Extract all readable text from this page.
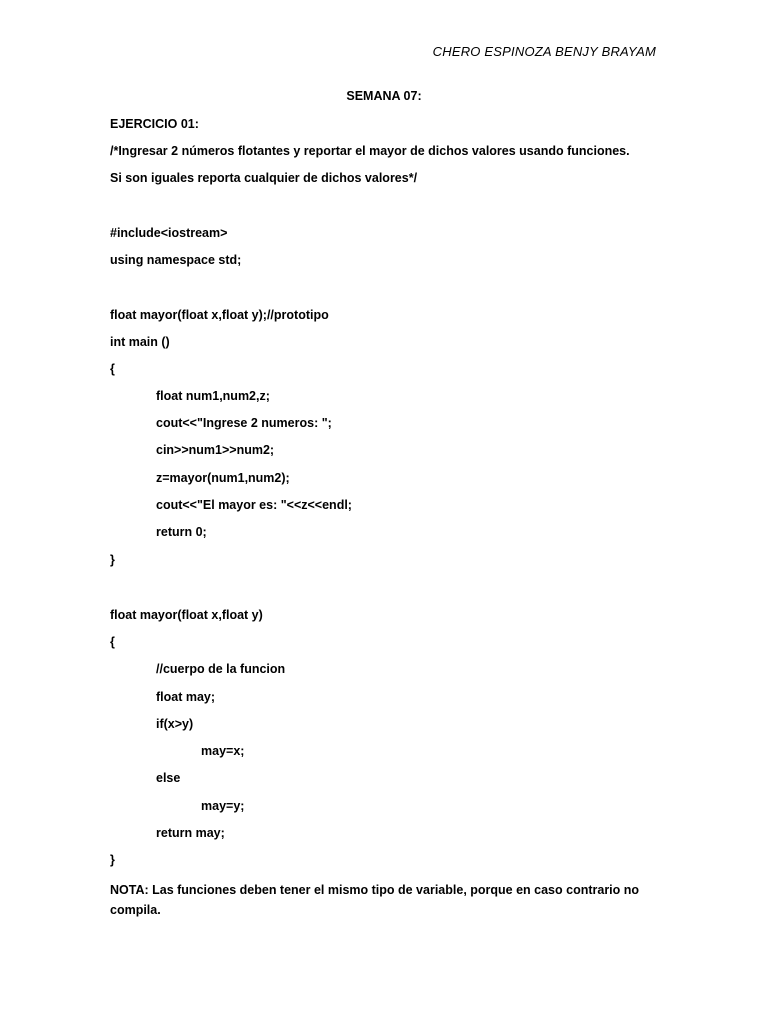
CHERO ESPINOZA BENJY BRAYAM
SEMANA 07:
EJERCICIO 01:
/*Ingresar 2 números flotantes y reportar el mayor de dichos valores usando funciones.
Si son iguales reporta cualquier de dichos valores*/
#include<iostream>
using namespace std;
float mayor(float x,float y);//prototipo
int main ()
{
float num1,num2,z;
cout<<"Ingrese 2 numeros: ";
cin>>num1>>num2;
z=mayor(num1,num2);
cout<<"El mayor es: "<<z<<endl;
return 0;
}
float mayor(float x,float y)
{
//cuerpo de la funcion
float may;
if(x>y)
may=x;
else
may=y;
return may;
}
NOTA: Las funciones deben tener el mismo tipo de variable, porque en caso contrario no compila.
